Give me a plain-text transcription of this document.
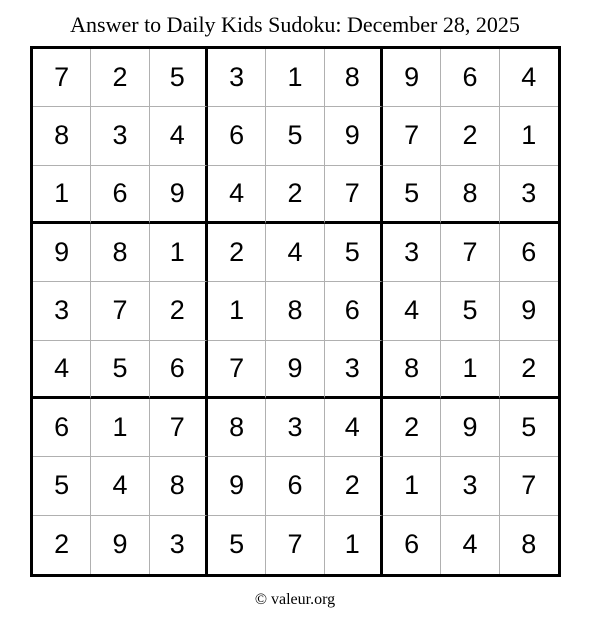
Answer to Daily Kids Sudoku: December 28, 2025
7	2	5	3	1	8	9	6	4
8	3	4	6	5	9	7	2	1
1	6	9	4	2	7	5	8	3
9	8	1	2	4	5	3	7	6
3	7	2	1	8	6	4	5	9
4	5	6	7	9	3	8	1	2
6	1	7	8	3	4	2	9	5
5	4	8	9	6	2	1	3	7
2	9	3	5	7	1	6	4	8
© valeur.org
